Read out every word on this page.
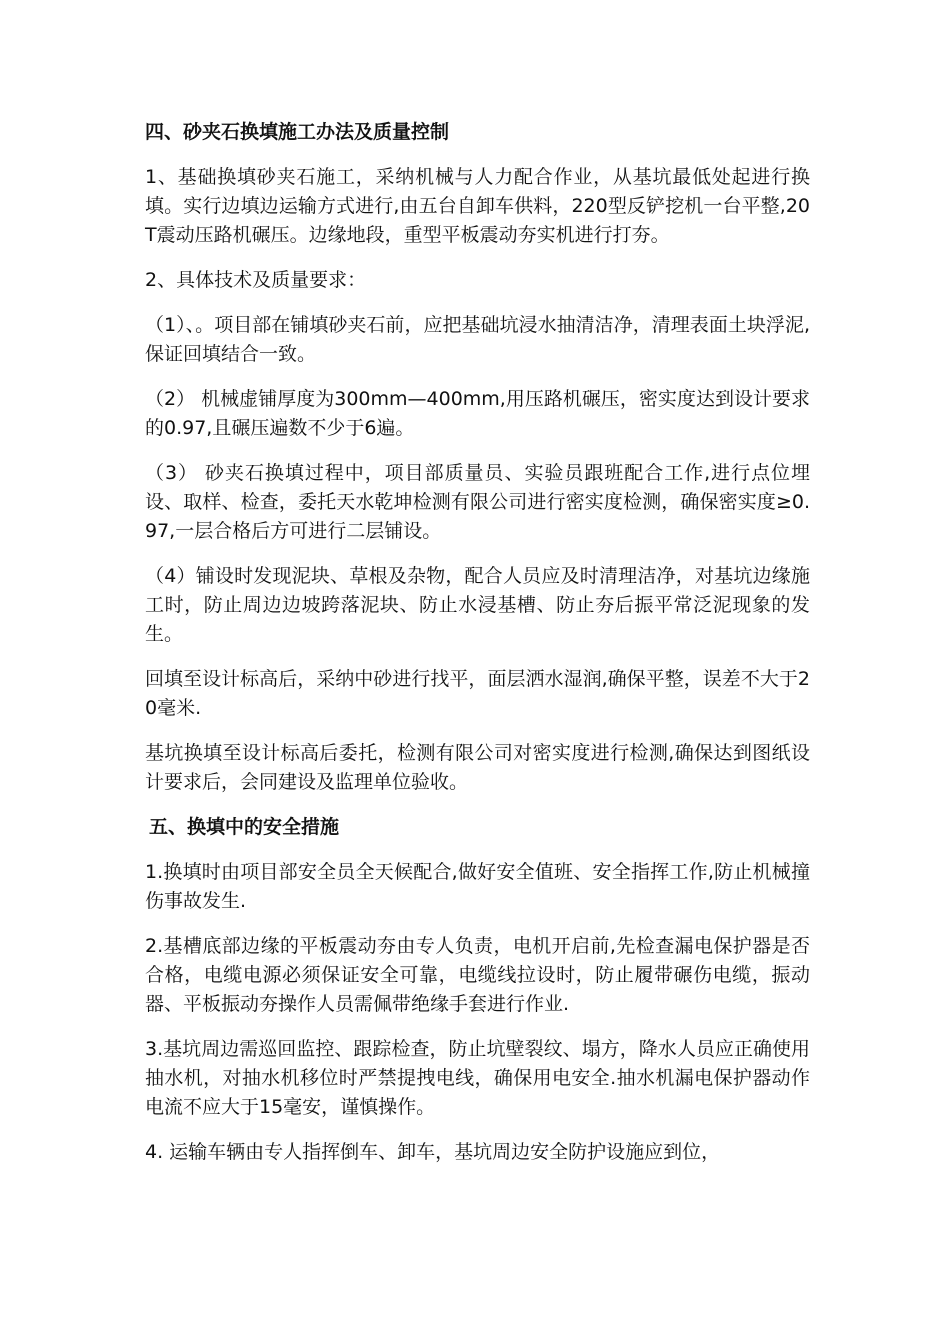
四、砂夹石换填施工办法及质量控制

1、基础换填砂夹石施工，采纳机械与人力配合作业，从基坑最低处起进行换填。实行边填边运输方式进行,由五台自卸车供料，220型反铲挖机一台平整,20T震动压路机碾压。边缘地段，重型平板震动夯实机进行打夯。

2、具体技术及质量要求：

（1）、。项目部在铺填砂夹石前，应把基础坑浸水抽清洁净，清理表面土块浮泥,保证回填结合一致。

（2） 机械虚铺厚度为300mm—400mm,用压路机碾压，密实度达到设计要求的0.97,且碾压遍数不少于6遍。

（3） 砂夹石换填过程中，项目部质量员、实验员跟班配合工作,进行点位埋设、取样、检查，委托天水乾坤检测有限公司进行密实度检测，确保密实度≥0.97,一层合格后方可进行二层铺设。

（4）铺设时发现泥块、草根及杂物，配合人员应及时清理洁净，对基坑边缘施工时，防止周边边坡跨落泥块、防止水浸基槽、防止夯后振平常泛泥现象的发生。

回填至设计标高后，采纳中砂进行找平，面层洒水湿润,确保平整，误差不大于20毫米.

基坑换填至设计标高后委托，检测有限公司对密实度进行检测,确保达到图纸设计要求后，会同建设及监理单位验收。

五、换填中的安全措施

1.换填时由项目部安全员全天候配合,做好安全值班、安全指挥工作,防止机械撞伤事故发生.

2.基槽底部边缘的平板震动夯由专人负责，电机开启前,先检查漏电保护器是否合格，电缆电源必须保证安全可靠，电缆线拉设时，防止履带碾伤电缆，振动器、平板振动夯操作人员需佩带绝缘手套进行作业.

3.基坑周边需巡回监控、跟踪检查，防止坑壁裂纹、塌方，降水人员应正确使用抽水机，对抽水机移位时严禁提拽电线，确保用电安全.抽水机漏电保护器动作电流不应大于15毫安，谨慎操作。

4. 运输车辆由专人指挥倒车、卸车，基坑周边安全防护设施应到位，
